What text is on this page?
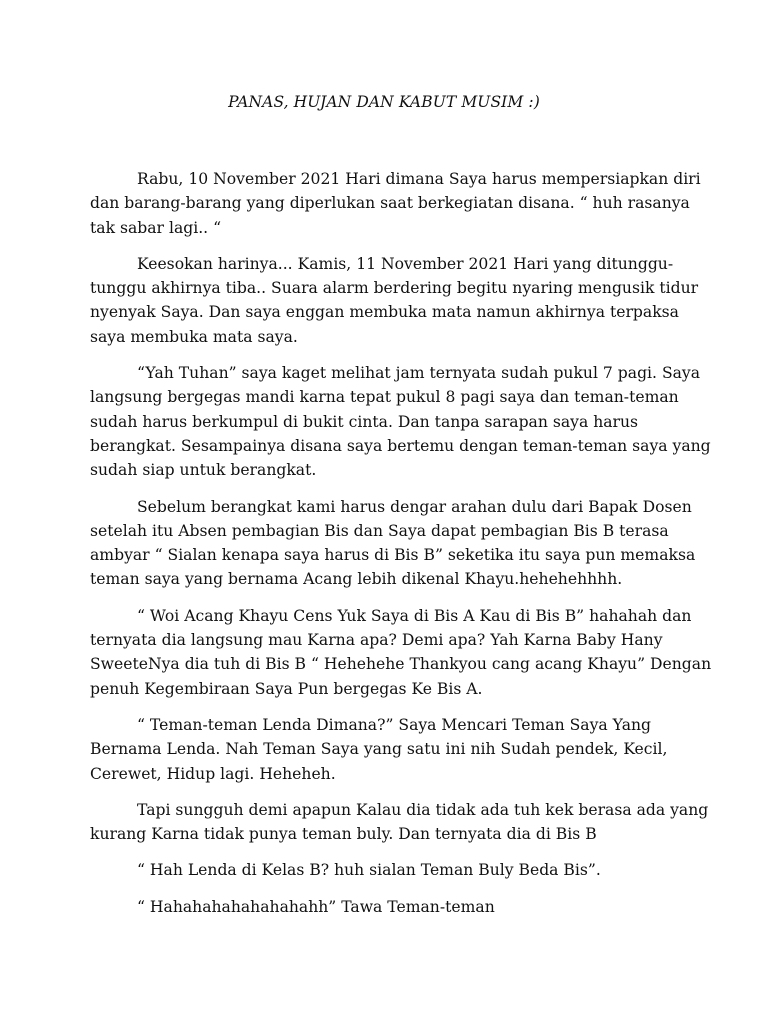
PANAS, HUJAN DAN KABUT MUSIM :)

Rabu, 10 November 2021 Hari dimana Saya harus mempersiapkan diri
dan barang-barang yang diperlukan saat berkegiatan disana. “ huh rasanya
tak sabar lagi.. “

Keesokan harinya... Kamis, 11 November 2021 Hari yang ditunggu-
tunggu akhirnya tiba.. Suara alarm berdering begitu nyaring mengusik tidur
nyenyak Saya. Dan saya enggan membuka mata namun akhirnya terpaksa
saya membuka mata saya.

“Yah Tuhan” saya kaget melihat jam ternyata sudah pukul 7 pagi. Saya
langsung bergegas mandi karna tepat pukul 8 pagi saya dan teman-teman
sudah harus berkumpul di bukit cinta. Dan tanpa sarapan saya harus
berangkat. Sesampainya disana saya bertemu dengan teman-teman saya yang
sudah siap untuk berangkat.

Sebelum berangkat kami harus dengar arahan dulu dari Bapak Dosen
setelah itu Absen pembagian Bis dan Saya dapat pembagian Bis B terasa
ambyar “ Sialan kenapa saya harus di Bis B” seketika itu saya pun memaksa
teman saya yang bernama Acang lebih dikenal Khayu.hehehehhhh.

“ Woi Acang Khayu Cens Yuk Saya di Bis A Kau di Bis B” hahahah dan
ternyata dia langsung mau Karna apa? Demi apa? Yah Karna Baby Hany
SweeteNya dia tuh di Bis B “ Hehehehe Thankyou cang acang Khayu” Dengan
penuh Kegembiraan Saya Pun bergegas Ke Bis A.

“ Teman-teman Lenda Dimana?” Saya Mencari Teman Saya Yang
Bernama Lenda. Nah Teman Saya yang satu ini nih Sudah pendek, Kecil,
Cerewet, Hidup lagi. Heheheh.

Tapi sungguh demi apapun Kalau dia tidak ada tuh kek berasa ada yang
kurang Karna tidak punya teman buly. Dan ternyata dia di Bis B

“ Hah Lenda di Kelas B? huh sialan Teman Buly Beda Bis”.

“ Hahahahahahahahahh” Tawa Teman-teman
